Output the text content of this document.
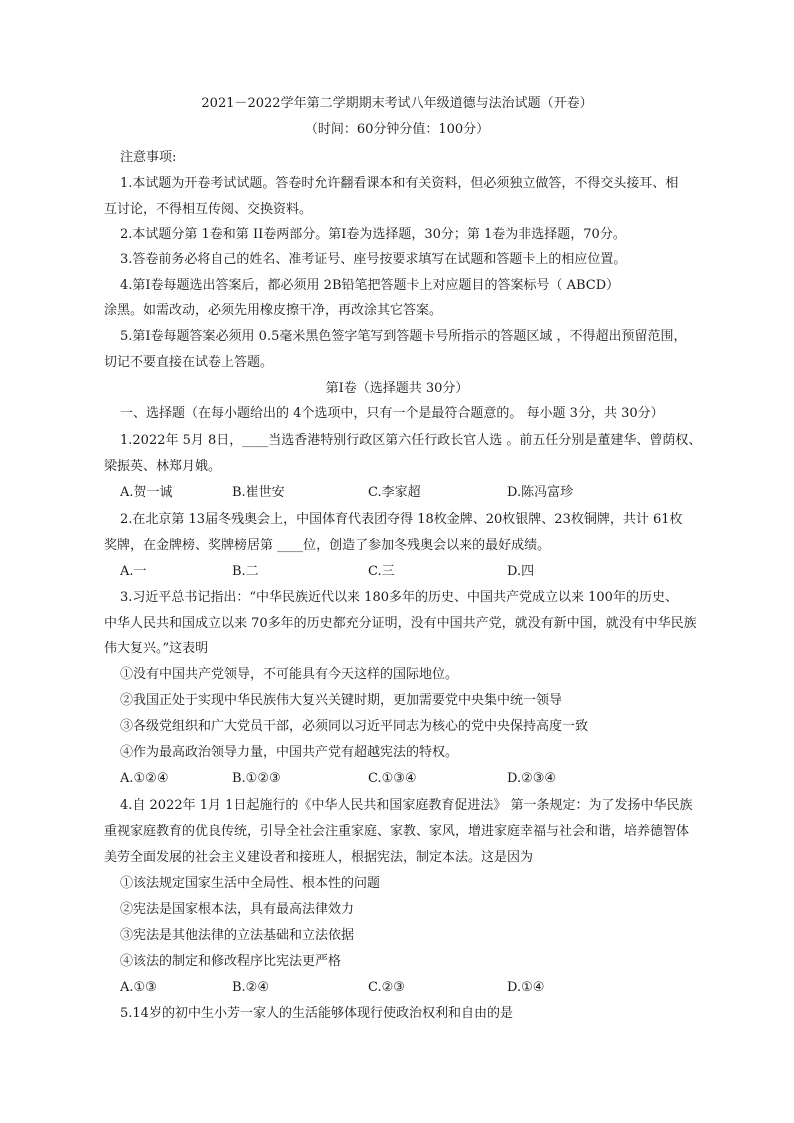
2021－2022学年第二学期期末考试八年级道德与法治试题（开卷）
（时间：60分钟分值：100分）
注意事项:
1.本试题为开卷考试试题。答卷时允许翻看课本和有关资料，但必须独立做答，不得交头接耳、相
互讨论，不得相互传阅、交换资料。
2.本试题分第 1卷和第 II卷两部分。第Ⅰ卷为选择题，30分；第 1卷为非选择题，70分。
3.答卷前务必将自己的姓名、准考证号、座号按要求填写在试题和答题卡上的相应位置。
4.第Ⅰ卷每题选出答案后，都必须用 2B铅笔把答题卡上对应题目的答案标号（ ABCD）
涂黑。如需改动，必须先用橡皮擦干净，再改涂其它答案。
5.第Ⅰ卷每题答案必须用 0.5毫米黑色签字笔写到答题卡号所指示的答题区域 ，不得超出预留范围，
切记不要直接在试卷上答题。
第Ⅰ卷（选择题共 30分）
一、选择题（在每小题给出的 4个选项中，只有一个是最符合题意的。 每小题 3分，共 30分）
1.2022年 5月 8日，____当选香港特别行政区第六任行政长官人选 。前五任分别是董建华、曾荫权、
梁振英、林郑月娥。
A.贺一诚	B.崔世安	C.李家超	D.陈冯富珍
2.在北京第 13届冬残奥会上，中国体育代表团夺得 18枚金牌、20枚银牌、23枚铜牌，共计 61枚
奖牌，在金牌榜、奖牌榜居第 ____位，创造了参加冬残奥会以来的最好成绩。
A.一	B.二	C.三	D.四
3.习近平总书记指出：“中华民族近代以来 180多年的历史、中国共产党成立以来 100年的历史、
中华人民共和国成立以来 70多年的历史都充分证明，没有中国共产党，就没有新中国，就没有中华民族
伟大复兴。”这表明
①没有中国共产党领导，不可能具有今天这样的国际地位。
②我国正处于实现中华民族伟大复兴关键时期，更加需要党中央集中统一领导
③各级党组织和广大党员干部，必须同以习近平同志为核心的党中央保持高度一致
④作为最高政治领导力量，中国共产党有超越宪法的特权。
A.①②④	B.①②③	C.①③④	D.②③④
4.自 2022年 1月 1日起施行的《中华人民共和国家庭教育促进法》 第一条规定：为了发扬中华民族
重视家庭教育的优良传统，引导全社会注重家庭、家教、家风，增进家庭幸福与社会和谐，培养德智体
美劳全面发展的社会主义建设者和接班人，根据宪法，制定本法。这是因为
①该法规定国家生活中全局性、根本性的问题
②宪法是国家根本法，具有最高法律效力
③宪法是其他法律的立法基础和立法依据
④该法的制定和修改程序比宪法更严格
A.①③	B.②④	C.②③	D.①④
5.14岁的初中生小芳一家人的生活能够体现行使政治权利和自由的是
